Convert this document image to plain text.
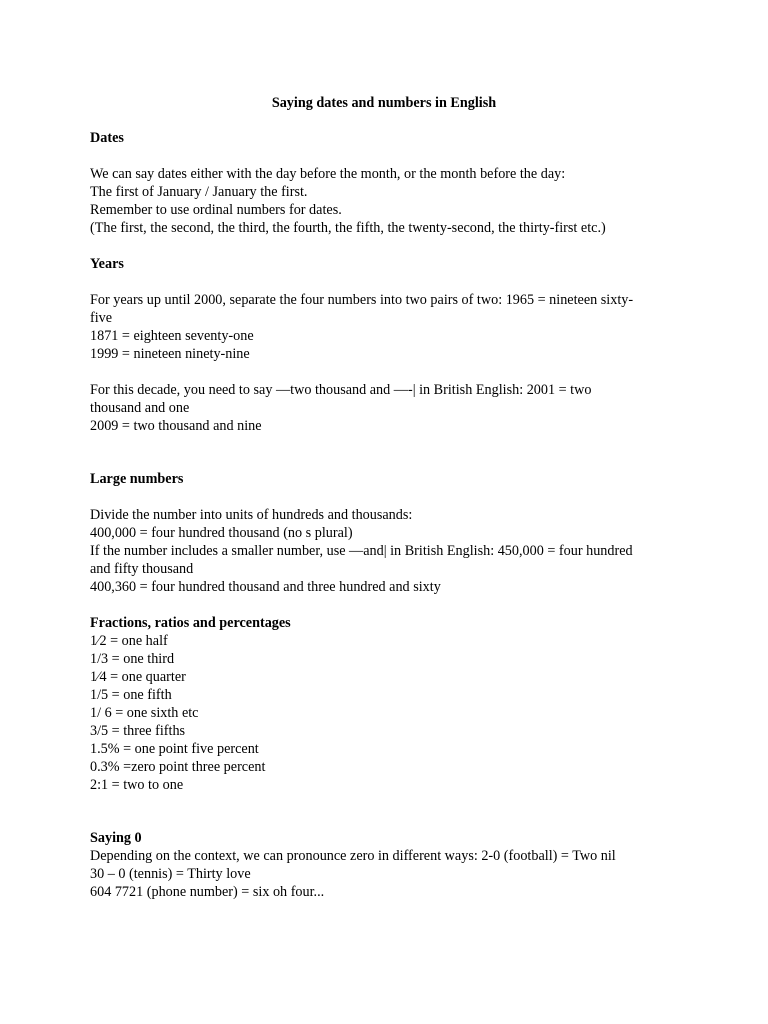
Saying dates and numbers in English

Dates

We can say dates either with the day before the month, or the month before the day:

The first of January / January the first.

Remember to use ordinal numbers for dates.

(The first, the second, the third, the fourth, the fifth, the twenty-second, the thirty-first etc.)

Years

For years up until 2000, separate the four numbers into two pairs of two: 1965 = nineteen sixty-

five

1871 = eighteen seventy-one

1999 = nineteen ninety-nine

For this decade, you need to say —two thousand and —-| in British English: 2001 = two

thousand and one

2009 = two thousand and nine

Large numbers

Divide the number into units of hundreds and thousands:

400,000 = four hundred thousand (no s plural)

If the number includes a smaller number, use —and| in British English: 450,000 = four hundred

and fifty thousand

400,360 = four hundred thousand and three hundred and sixty

Fractions, ratios and percentages

1⁄2 = one half

1/3 = one third

1⁄4 = one quarter

1/5 = one fifth

1/ 6 = one sixth etc

3/5 = three fifths

1.5% = one point five percent

0.3% =zero point three percent

2:1 = two to one

Saying 0

Depending on the context, we can pronounce zero in different ways: 2-0 (football) = Two nil

30 – 0 (tennis) = Thirty love

604 7721 (phone number) = six oh four...
